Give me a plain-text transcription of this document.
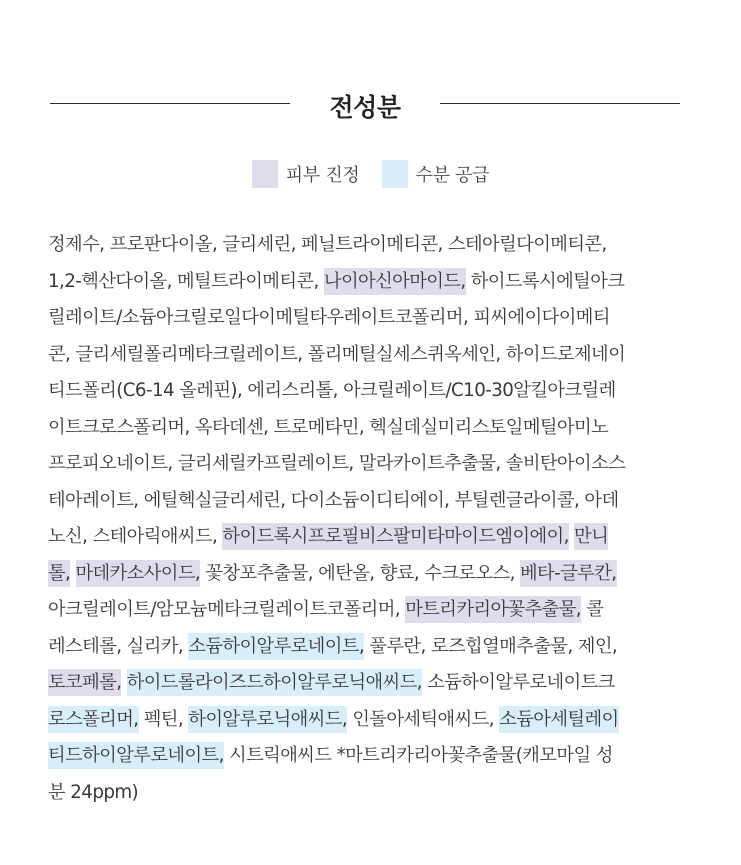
전성분
피부 진정	수분 공급
정제수, 프로판다이올, 글리세린, 페닐트라이메티콘, 스테아릴다이메티콘,
1,2-헥산다이올, 메틸트라이메티콘, 나이아신아마이드, 하이드록시에틸아크
릴레이트/소듐아크릴로일다이메틸타우레이트코폴리머, 피씨에이다이메티
콘, 글리세릴폴리메타크릴레이트, 폴리메틸실세스퀴옥세인, 하이드로제네이
티드폴리(C6-14 올레핀), 에리스리톨, 아크릴레이트/C10-30알킬아크릴레
이트크로스폴리머, 옥타데센, 트로메타민, 헥실데실미리스토일메틸아미노
프로피오네이트, 글리세릴카프릴레이트, 말라카이트추출물, 솔비탄아이소스
테아레이트, 에틸헥실글리세린, 다이소듐이디티에이, 부틸렌글라이콜, 아데
노신, 스테아릭애씨드, 하이드록시프로필비스팔미타마이드엠이에이, 만니
톨, 마데카소사이드, 꽃창포추출물, 에탄올, 향료, 수크로오스, 베타-글루칸,
아크릴레이트/암모늄메타크릴레이트코폴리머, 마트리카리아꽃추출물, 콜
레스테롤, 실리카, 소듐하이알루로네이트, 풀루란, 로즈힙열매추출물, 제인,
토코페롤, 하이드롤라이즈드하이알루로닉애씨드, 소듐하이알루로네이트크
로스폴리머, 펙틴, 하이알루로닉애씨드, 인돌아세틱애씨드, 소듐아세틸레이
티드하이알루로네이트, 시트릭애씨드 *마트리카리아꽃추출물(캐모마일 성
분 24ppm)
